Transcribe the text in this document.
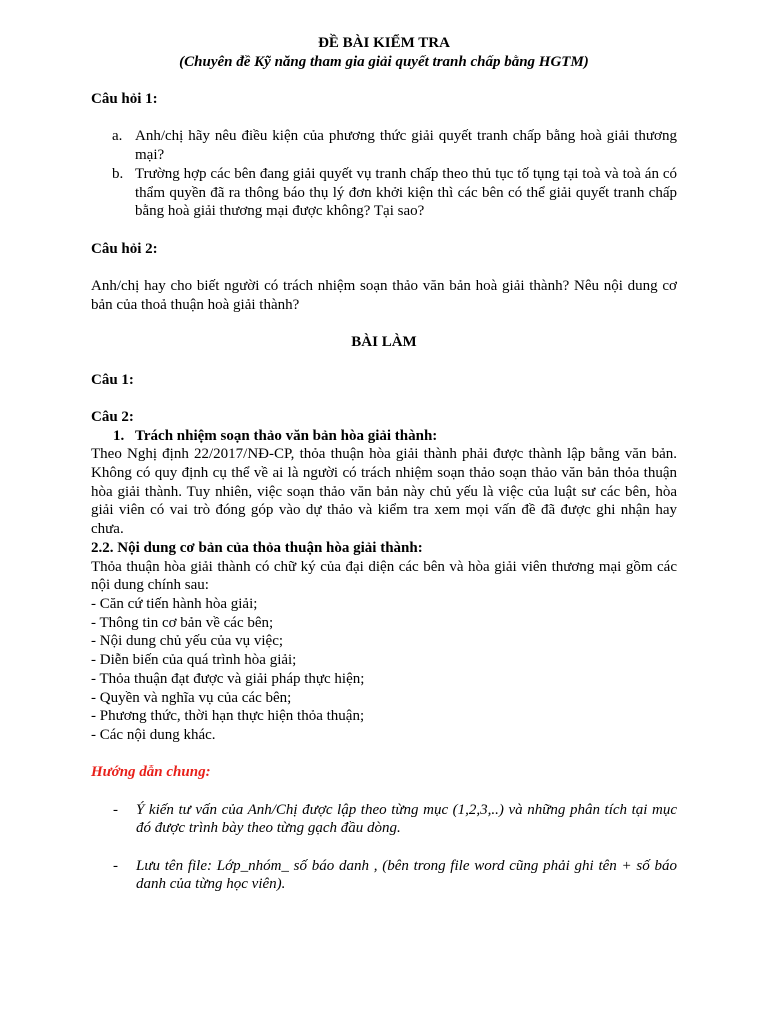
ĐỀ BÀI KIỂM TRA

(Chuyên đề Kỹ năng tham gia giải quyết tranh chấp bằng HGTM)

Câu hỏi 1:

a. Anh/chị hãy nêu điều kiện của phương thức giải quyết tranh chấp bằng hoà giải thương mại?
b. Trường hợp các bên đang giải quyết vụ tranh chấp theo thủ tục tố tụng tại toà và toà án có thẩm quyền đã ra thông báo thụ lý đơn khởi kiện thì các bên có thể giải quyết tranh chấp bằng hoà giải thương mại được không? Tại sao?

Câu hỏi 2:

Anh/chị hay cho biết người có trách nhiệm soạn thảo văn bản hoà giải thành? Nêu nội dung cơ bản của thoả thuận hoà giải thành?

BÀI LÀM

Câu 1:

Câu 2:

1. Trách nhiệm soạn thảo văn bản hòa giải thành:

Theo Nghị định 22/2017/NĐ-CP, thỏa thuận hòa giải thành phải được thành lập bằng văn bản. Không có quy định cụ thể về ai là người có trách nhiệm soạn thảo soạn thảo văn bản thỏa thuận hòa giải thành. Tuy nhiên, việc soạn thảo văn bản này chủ yếu là việc của luật sư các bên, hòa giải viên có vai trò đóng góp vào dự thảo và kiểm tra xem mọi vấn đề đã được ghi nhận hay chưa.

2.2. Nội dung cơ bản của thỏa thuận hòa giải thành:

Thỏa thuận hòa giải thành có chữ ký của đại diện các bên và hòa giải viên thương mại gồm các nội dung chính sau:

- Căn cứ tiến hành hòa giải;
- Thông tin cơ bản về các bên;
- Nội dung chủ yếu của vụ việc;
- Diễn biến của quá trình hòa giải;
- Thỏa thuận đạt được và giải pháp thực hiện;
- Quyền và nghĩa vụ của các bên;
- Phương thức, thời hạn thực hiện thỏa thuận;
- Các nội dung khác.

Hướng dẫn chung:

-	Ý kiến tư vấn của Anh/Chị được lập theo từng mục (1,2,3,..) và những phân tích tại mục đó được trình bày theo từng gạch đầu dòng.
-	Lưu tên file: Lớp_nhóm_ số báo danh , (bên trong file word cũng phải ghi tên + số báo danh của từng học viên).
